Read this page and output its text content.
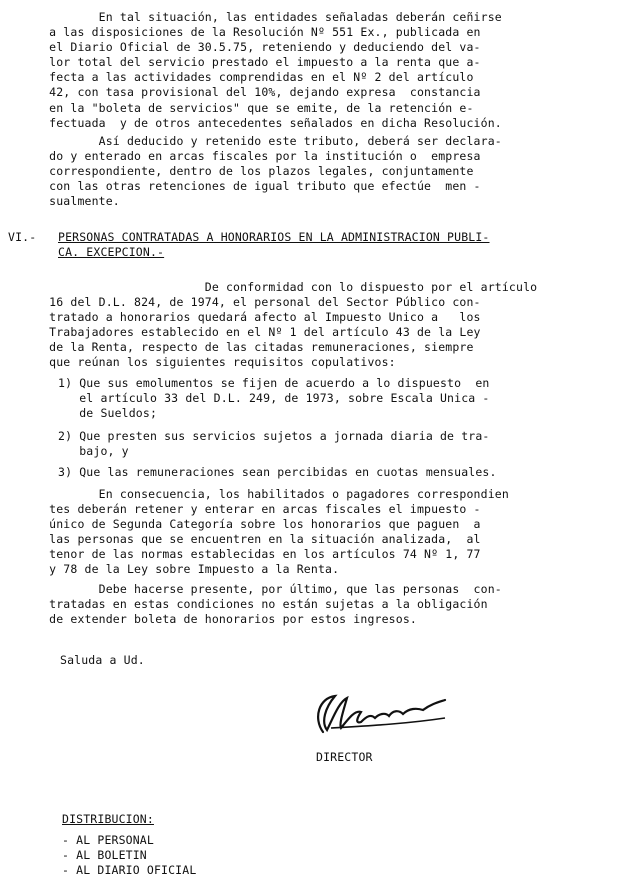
En tal situación, las entidades señaladas deberán ceñirse
a las disposiciones de la Resolución Nº 551 Ex., publicada en
el Diario Oficial de 30.5.75, reteniendo y deduciendo del va-
lor total del servicio prestado el impuesto a la renta que a-
fecta a las actividades comprendidas en el Nº 2 del artículo
42, con tasa provisional del 10%, dejando expresa  constancia
en la "boleta de servicios" que se emite, de la retención e-
fectuada  y de otros antecedentes señalados en dicha Resolución.
Así deducido y retenido este tributo, deberá ser declara-
do y enterado en arcas fiscales por la institución o  empresa
correspondiente, dentro de los plazos legales, conjuntamente
con las otras retenciones de igual tributo que efectúe  men -
sualmente.
VI.- PERSONAS CONTRATADAS A HONORARIOS EN LA ADMINISTRACION PUBLI-
CA. EXCEPCION.-
De conformidad con lo dispuesto por el artículo
16 del D.L. 824, de 1974, el personal del Sector Público con-
tratado a honorarios quedará afecto al Impuesto Unico a   los
Trabajadores establecido en el Nº 1 del artículo 43 de la Ley
de la Renta, respecto de las citadas remuneraciones, siempre
que reúnan los siguientes requisitos copulativos:
1) Que sus emolumentos se fijen de acuerdo a lo dispuesto  en
el artículo 33 del D.L. 249, de 1973, sobre Escala Unica -
de Sueldos;
2) Que presten sus servicios sujetos a jornada diaria de tra-
bajo, y
3) Que las remuneraciones sean percibidas en cuotas mensuales.
En consecuencia, los habilitados o pagadores correspondien
tes deberán retener y enterar en arcas fiscales el impuesto -
único de Segunda Categoría sobre los honorarios que paguen  a
las personas que se encuentren en la situación analizada,  al
tenor de las normas establecidas en los artículos 74 Nº 1, 77
y 78 de la Ley sobre Impuesto a la Renta.
Debe hacerse presente, por último, que las personas  con-
tratadas en estas condiciones no están sujetas a la obligación
de extender boleta de honorarios por estos ingresos.
Saluda a Ud.
DIRECTOR
DISTRIBUCION:
- AL PERSONAL
- AL BOLETIN
- AL DIARIO OFICIAL
